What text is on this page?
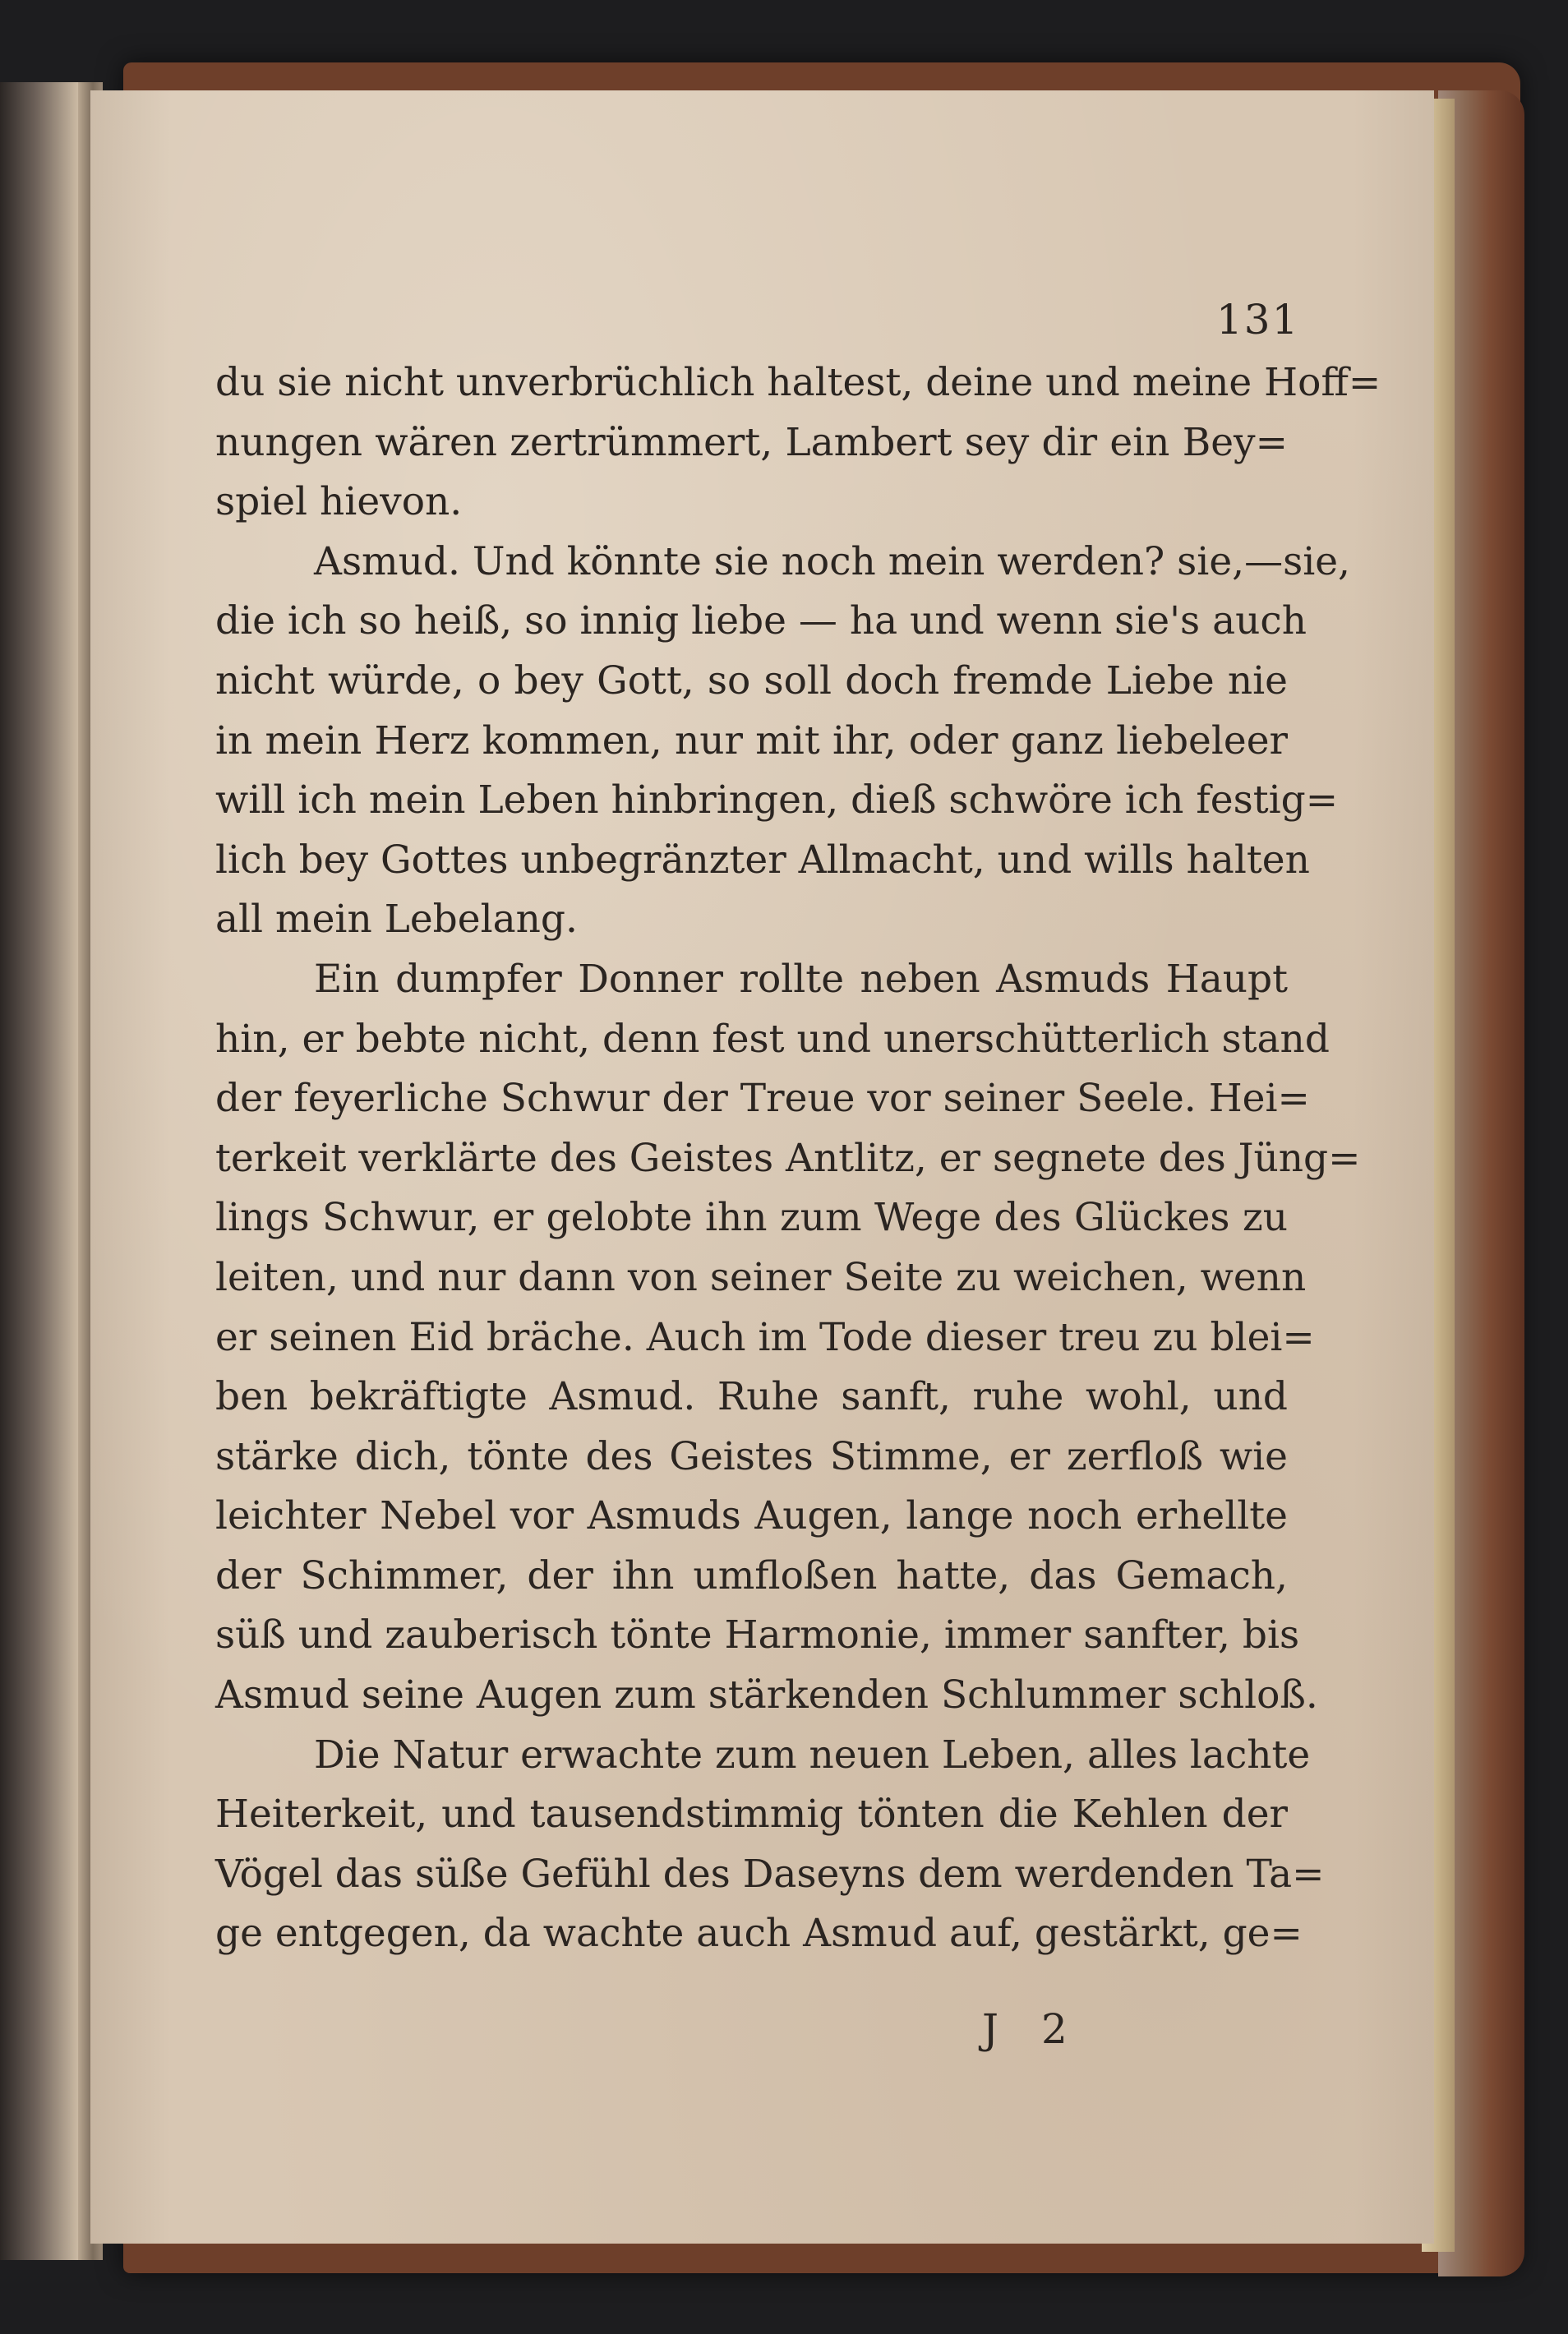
131
du sie nicht unverbrüchlich haltest, deine und meine Hoff=
nungen wären zertrümmert, Lambert sey dir ein Bey=
spiel hievon.
Asmud. Und könnte sie noch mein werden? sie,—sie,
die ich so heiß, so innig liebe — ha und wenn sie's auch
nicht würde, o bey Gott, so soll doch fremde Liebe nie
in mein Herz kommen, nur mit ihr, oder ganz liebeleer
will ich mein Leben hinbringen, dieß schwöre ich festig=
lich bey Gottes unbegränzter Allmacht, und wills halten
all mein Lebelang.
Ein dumpfer Donner rollte neben Asmuds Haupt
hin, er bebte nicht, denn fest und unerschütterlich stand
der feyerliche Schwur der Treue vor seiner Seele. Hei=
terkeit verklärte des Geistes Antlitz, er segnete des Jüng=
lings Schwur, er gelobte ihn zum Wege des Glückes zu
leiten, und nur dann von seiner Seite zu weichen, wenn
er seinen Eid bräche. Auch im Tode dieser treu zu blei=
ben bekräftigte Asmud. Ruhe sanft, ruhe wohl, und
stärke dich, tönte des Geistes Stimme, er zerfloß wie
leichter Nebel vor Asmuds Augen, lange noch erhellte
der Schimmer, der ihn umfloßen hatte, das Gemach,
süß und zauberisch tönte Harmonie, immer sanfter, bis
Asmud seine Augen zum stärkenden Schlummer schloß.
Die Natur erwachte zum neuen Leben, alles lachte
Heiterkeit, und tausendstimmig tönten die Kehlen der
Vögel das süße Gefühl des Daseyns dem werdenden Ta=
ge entgegen, da wachte auch Asmud auf, gestärkt, ge=
J 2
